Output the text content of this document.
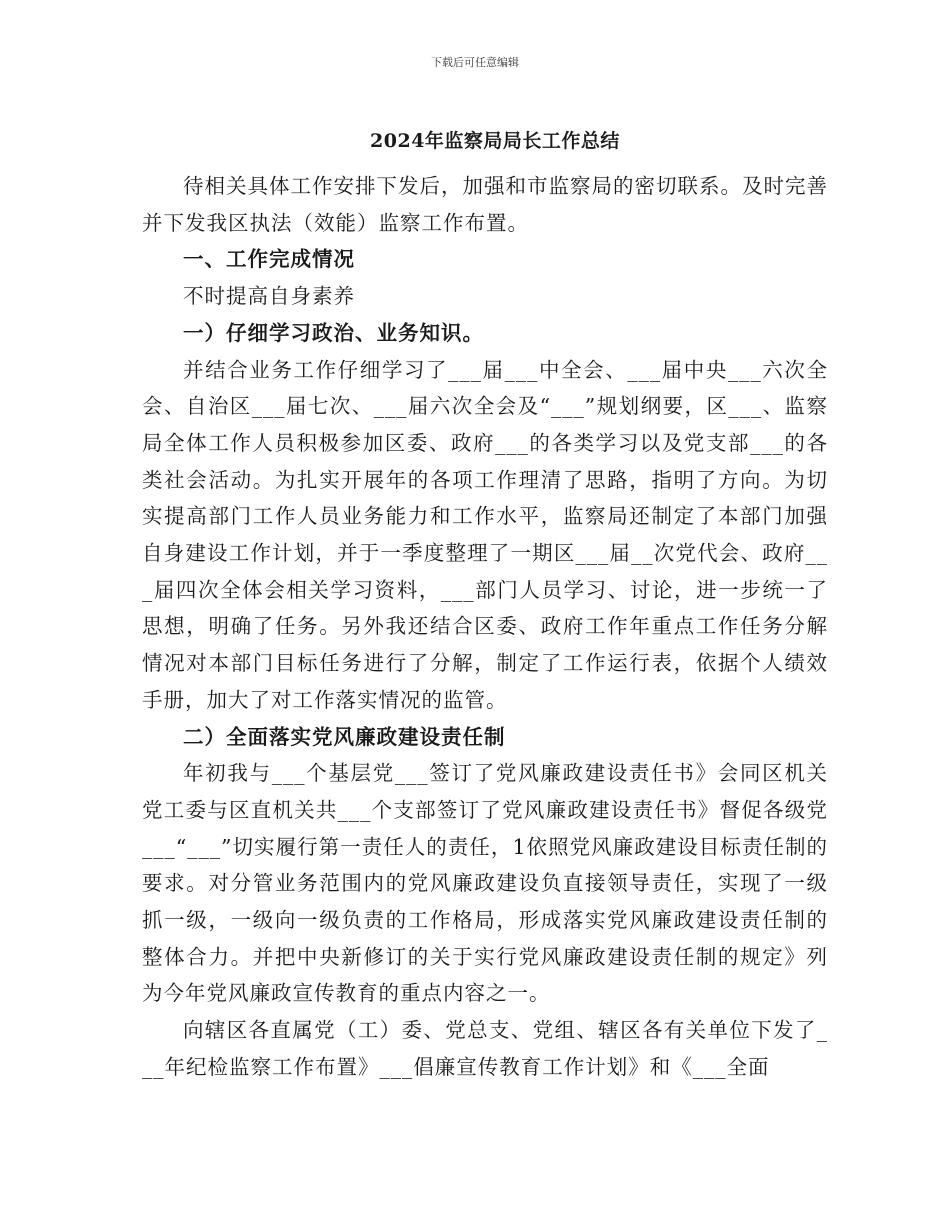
下载后可任意编辑
2024年监察局局长工作总结

待相关具体工作安排下发后，加强和市监察局的密切联系。及时完善并下发我区执法（效能）监察工作布置。

一、工作完成情况

不时提高自身素养

一）仔细学习政治、业务知识。

并结合业务工作仔细学习了___届___中全会、___届中央___六次全会、自治区___届七次、___届六次全会及“___”规划纲要，区___、监察局全体工作人员积极参加区委、政府___的各类学习以及党支部___的各类社会活动。为扎实开展年的各项工作理清了思路，指明了方向。为切实提高部门工作人员业务能力和工作水平，监察局还制定了本部门加强自身建设工作计划，并于一季度整理了一期区___届__次党代会、政府___届四次全体会相关学习资料，___部门人员学习、讨论，进一步统一了思想，明确了任务。另外我还结合区委、政府工作年重点工作任务分解情况对本部门目标任务进行了分解，制定了工作运行表，依据个人绩效手册，加大了对工作落实情况的监管。

二）全面落实党风廉政建设责任制

年初我与___个基层党___签订了党风廉政建设责任书》会同区机关党工委与区直机关共___个支部签订了党风廉政建设责任书》督促各级党___“___”切实履行第一责任人的责任，1依照党风廉政建设目标责任制的要求。对分管业务范围内的党风廉政建设负直接领导责任，实现了一级抓一级，一级向一级负责的工作格局，形成落实党风廉政建设责任制的整体合力。并把中央新修订的关于实行党风廉政建设责任制的规定》列为今年党风廉政宣传教育的重点内容之一。

向辖区各直属党（工）委、党总支、党组、辖区各有关单位下发了___年纪检监察工作布置》___倡廉宣传教育工作计划》和《___全面
